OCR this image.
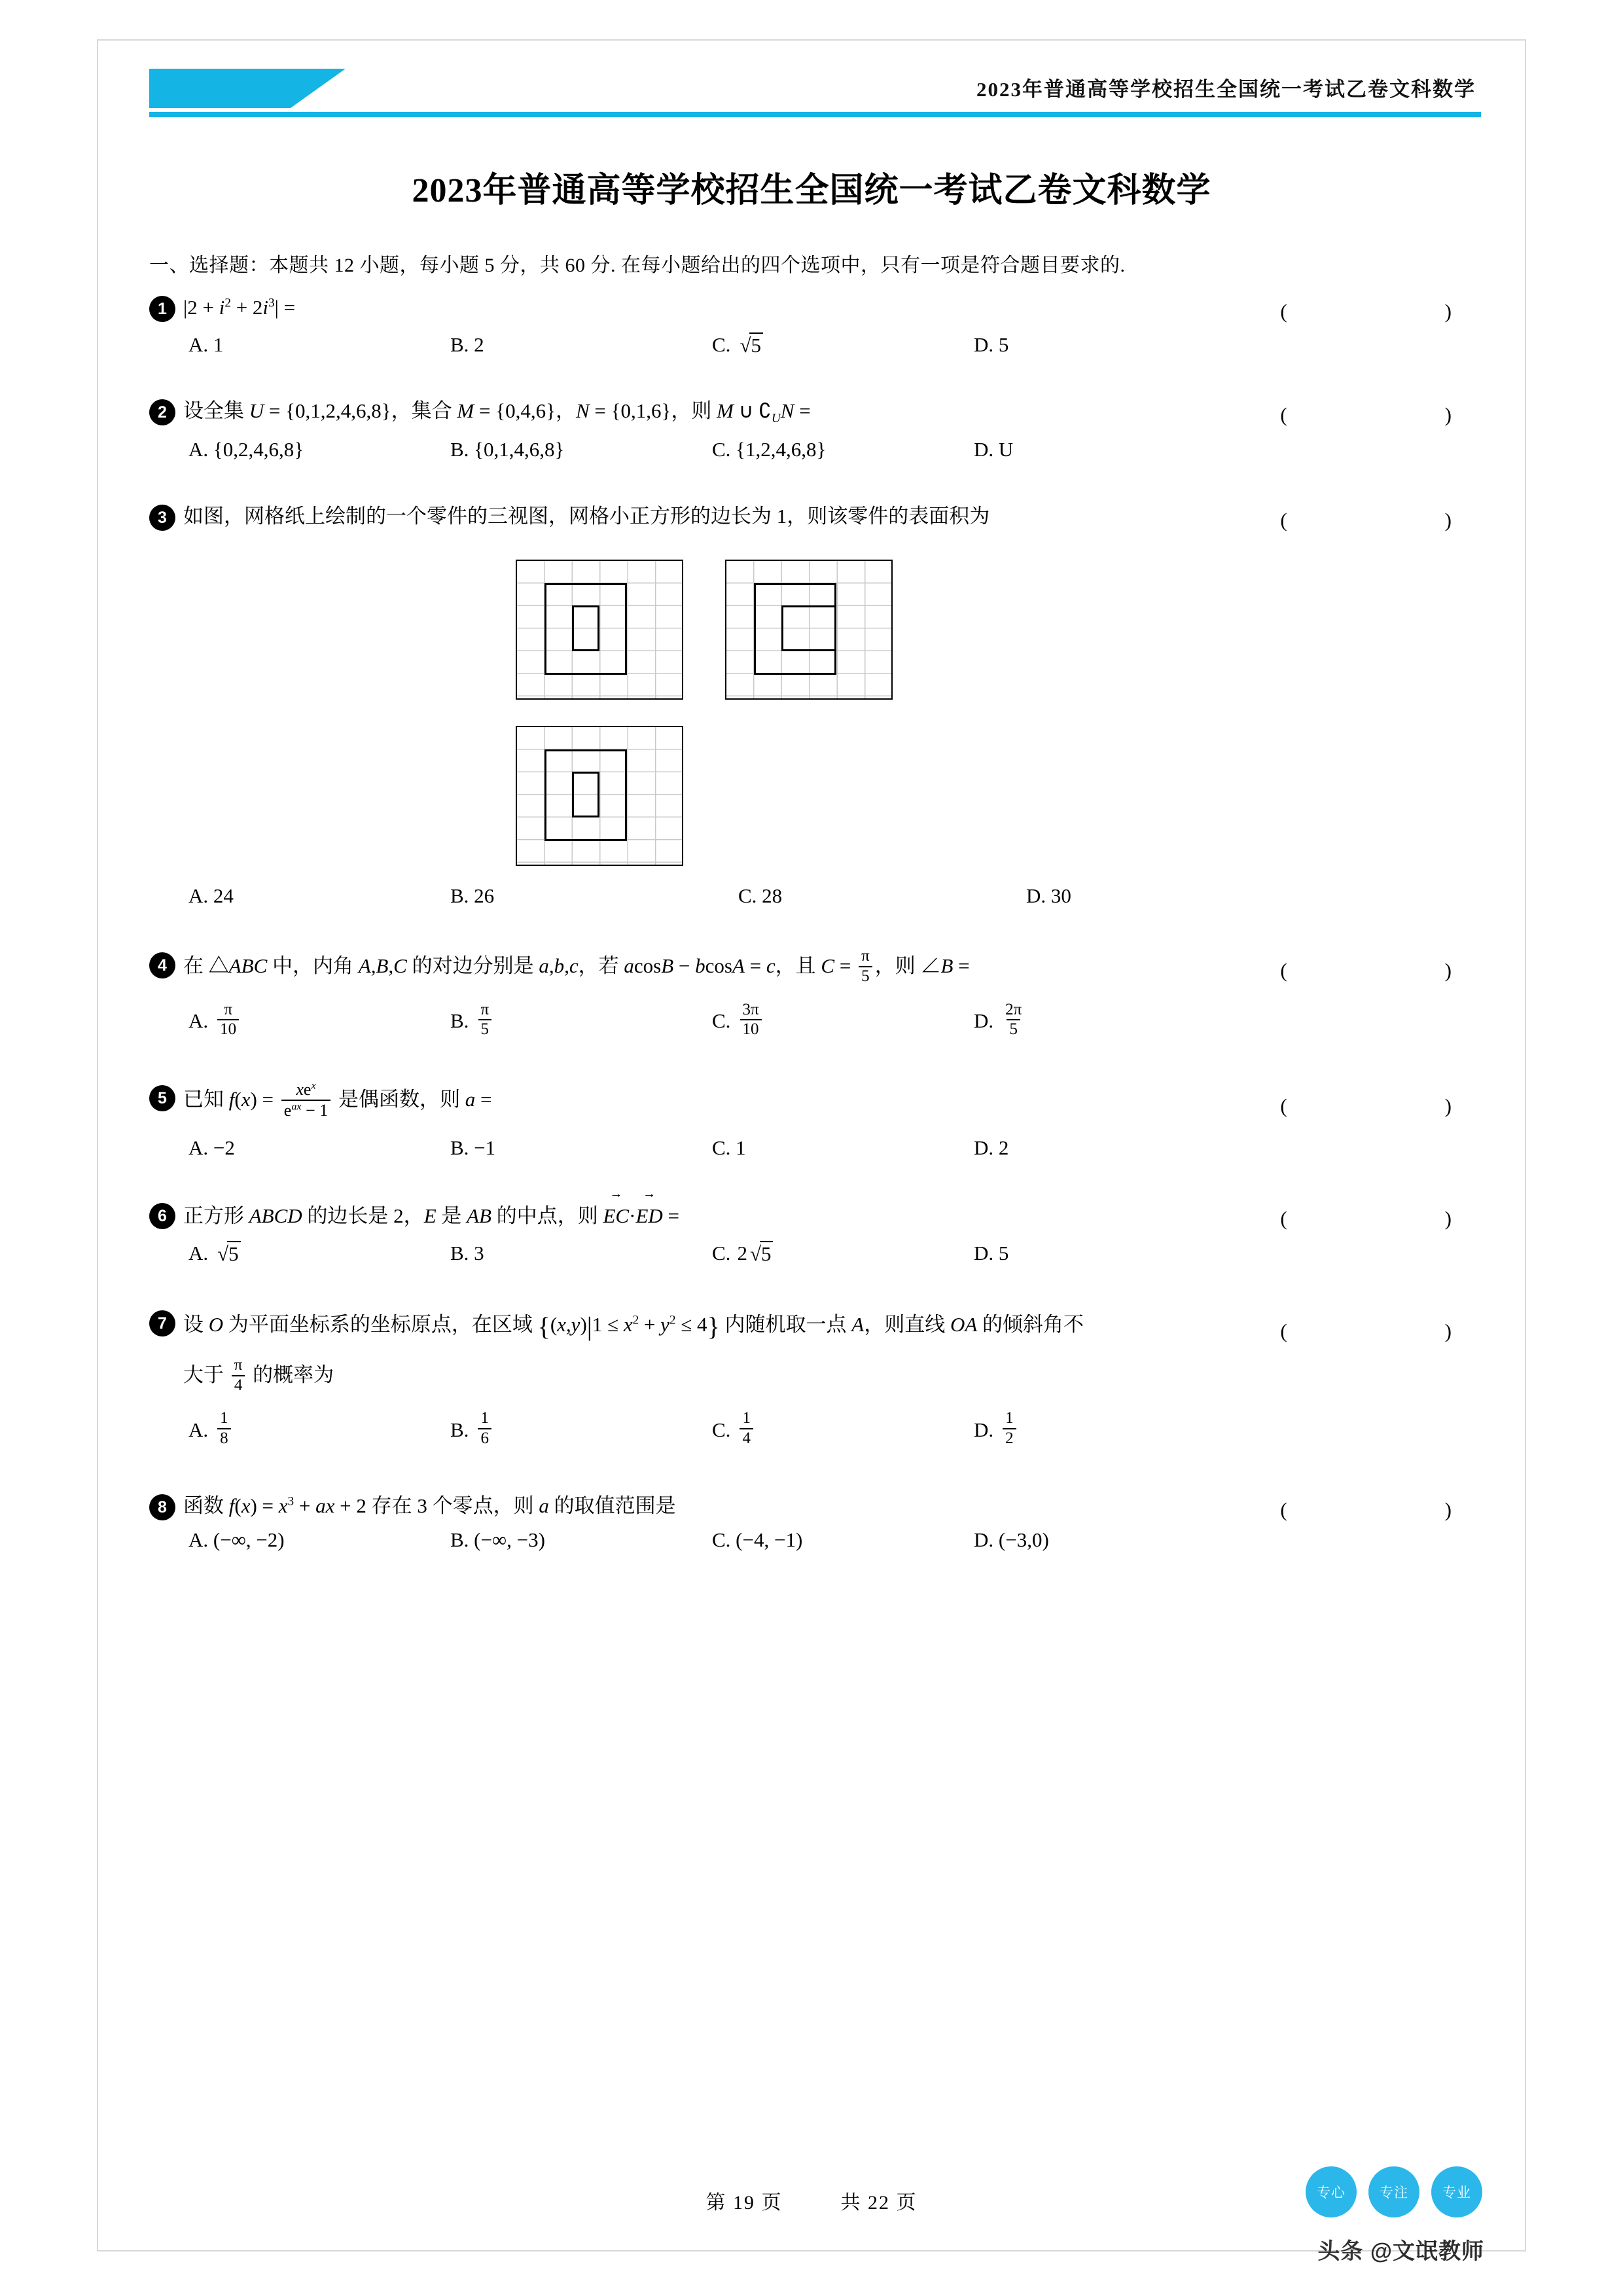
2023年普通高等学校招生全国统一考试乙卷文科数学
2023年普通高等学校招生全国统一考试乙卷文科数学
一、选择题：本题共 12 小题，每小题 5 分，共 60 分. 在每小题给出的四个选项中，只有一项是符合题目要求的.
1 $|2 + i^2 + 2i^3|$ =	(    )
A. 1	B. 2	C.	√ 5	D. 5
2 设全集 U = {0,1,2,4,6,8}，集合 M = {0,4,6}，N = {0,1,6}，则 M ∪ $∁_UN$ =	(    )
A. {0,2,4,6,8}	B. {0,1,4,6,8}	C. {1,2,4,6,8}	D. U
3 如图，网格纸上绘制的一个零件的三视图，网格小正方形的边长为 1，则该零件的表面积为	(    )
A. 24	B. 26	C. 28	D. 30
4 在 △ABC 中，内角 A,B,C 的对边分别是 a,b,c，若 acosB − bcosA = c，且 $C = \frac{\pi}{5}$ ，则 ∠B =	(    )
A. $\frac{\pi}{10}$	B. $\frac{\pi}{5}$	C. $\frac{3\pi}{10}$	D. $\frac{2\pi}{5}$
5 已知 $f(x) = \frac{xe^x}{e^{ax} - 1}$ 是偶函数，则 a =	(    )
A. −2	B. −1	C. 1	D. 2
6 正方形 ABCD 的边长是 2，E 是 AB 的中点，则 EC →·ED → =	(    )
A.	√ 5	B. 3	C. 2 √ 5	D. 5
7 设 O 为平面坐标系的坐标原点，在区域 $\{(x,y)|1 \le x^2 + y^2 \le 4\}$ 内随机取一点 A，则直线 OA 的倾斜角不
大于 $\frac{\pi}{4}$ 的概率为
(    )
A. $\frac{1}{8}$	B. $\frac{1}{6}$	C. $\frac{1}{4}$	D. $\frac{1}{2}$
8 函数 $f(x) = x^3$ + ax + 2 存在 3 个零点，则 a 的取值范围是	(    )
A. (−∞, −2)	B. (−∞, −3)	C. (−4, −1)	D. (−3,0)
第 19 页	共 22 页	专心	专注	专业
头条 @文氓教师
